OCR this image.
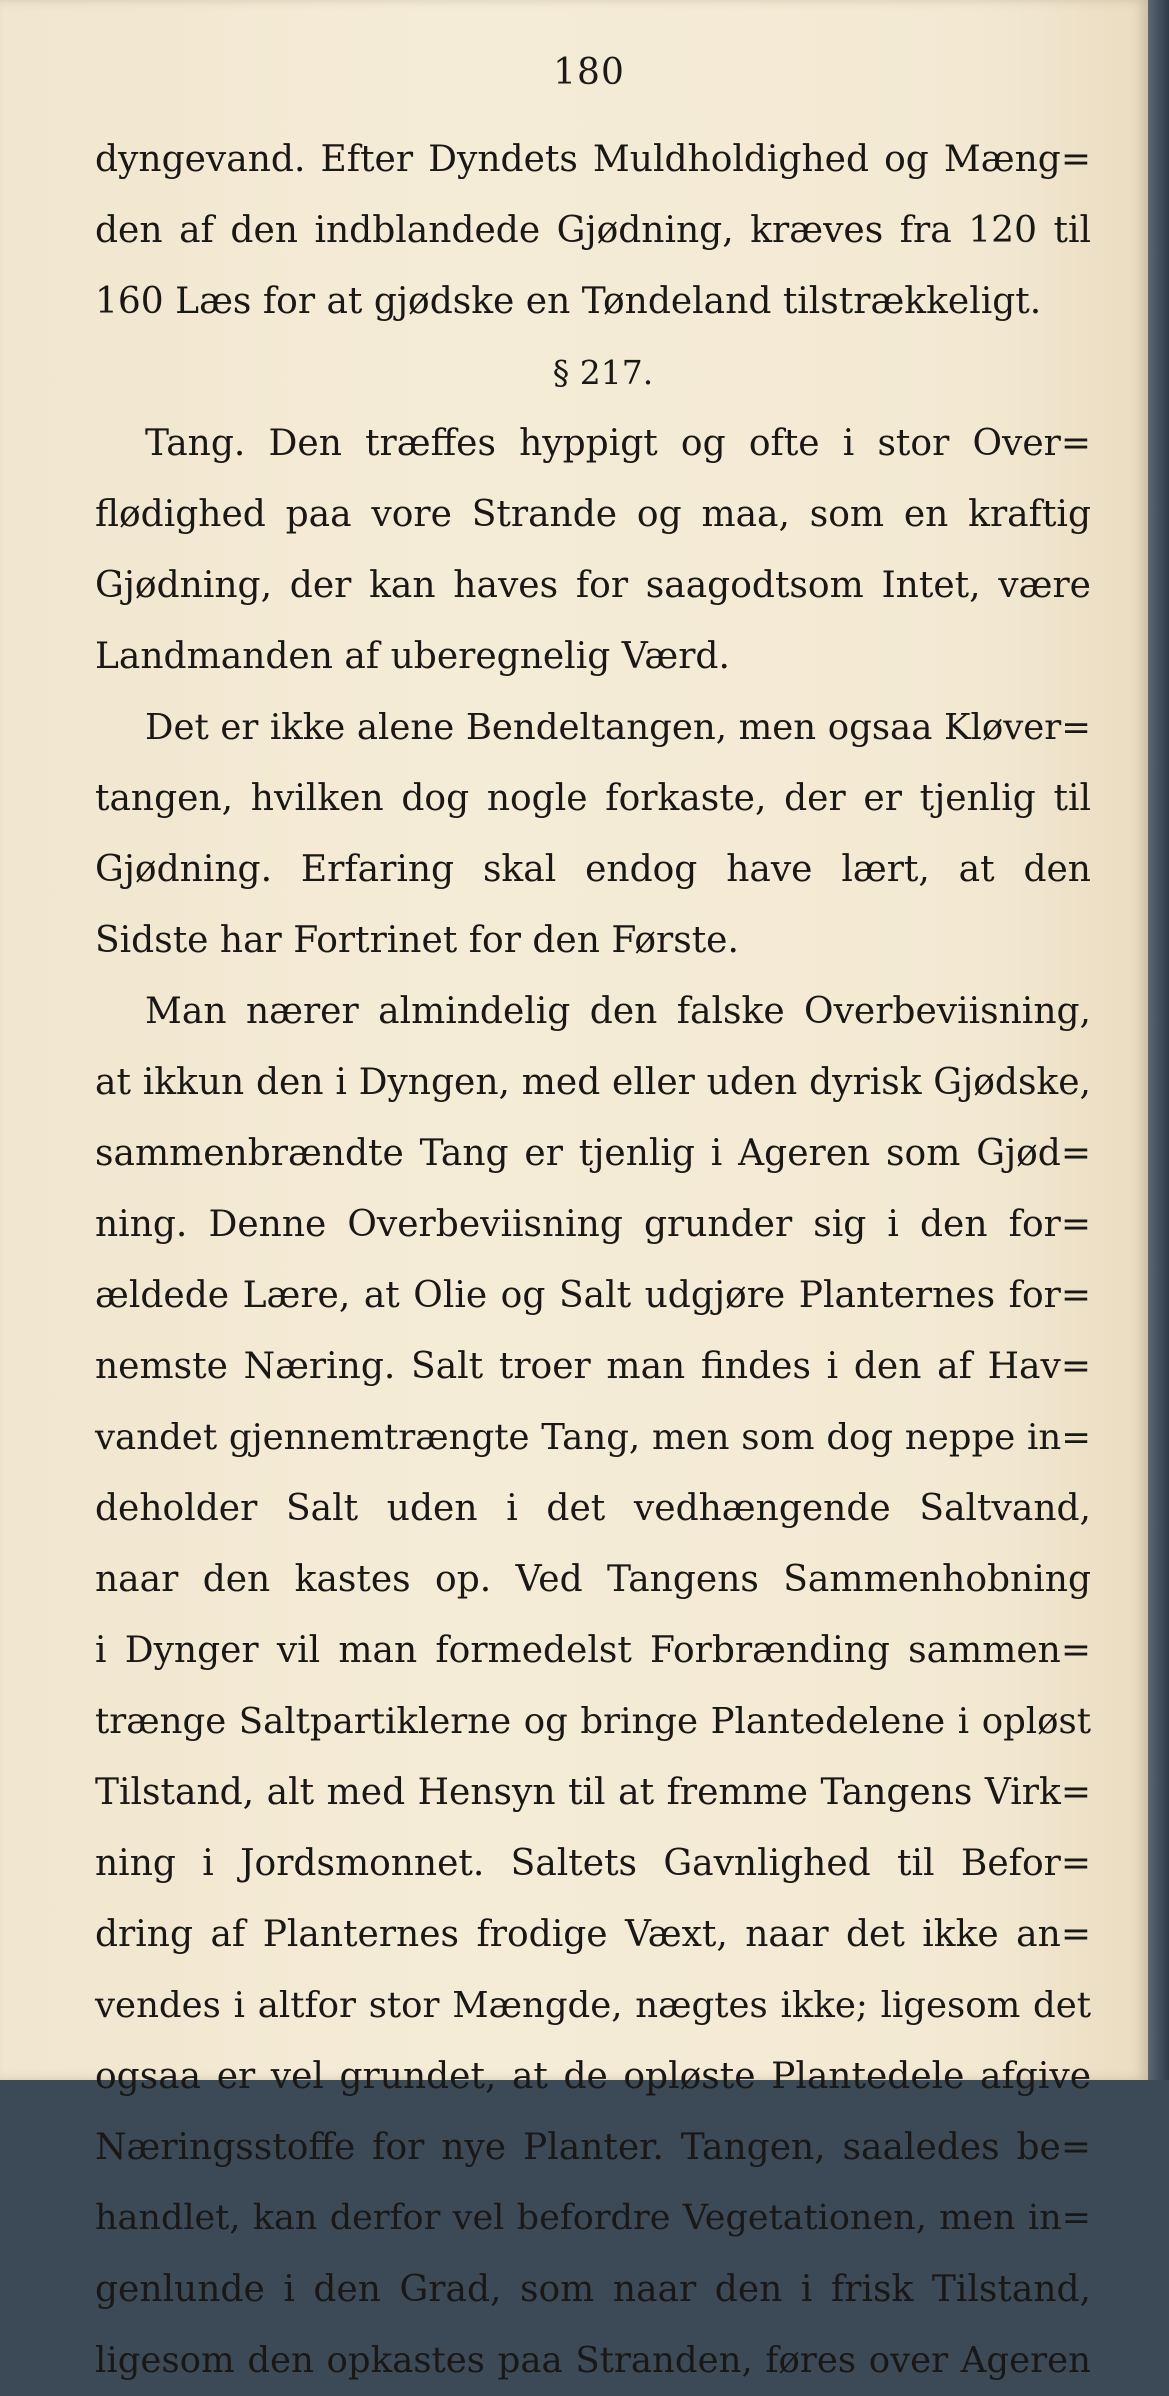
180
dyngevand. Efter Dyndets Muldholdighed og Mæng=
den af den indblandede Gjødning, kræves fra 120 til
160 Læs for at gjødske en Tøndeland tilstrækkeligt.
§ 217.
Tang. Den træffes hyppigt og ofte i stor Over=
flødighed paa vore Strande og maa, som en kraftig
Gjødning, der kan haves for saagodtsom Intet, være
Landmanden af uberegnelig Værd.
Det er ikke alene Bendeltangen, men ogsaa Kløver=
tangen, hvilken dog nogle forkaste, der er tjenlig til
Gjødning. Erfaring skal endog have lært, at den
Sidste har Fortrinet for den Første.
Man nærer almindelig den falske Overbeviisning,
at ikkun den i Dyngen, med eller uden dyrisk Gjødske,
sammenbrændte Tang er tjenlig i Ageren som Gjød=
ning. Denne Overbeviisning grunder sig i den for=
ældede Lære, at Olie og Salt udgjøre Planternes for=
nemste Næring. Salt troer man findes i den af Hav=
vandet gjennemtrængte Tang, men som dog neppe in=
deholder Salt uden i det vedhængende Saltvand,
naar den kastes op. Ved Tangens Sammenhobning
i Dynger vil man formedelst Forbrænding sammen=
trænge Saltpartiklerne og bringe Plantedelene i opløst
Tilstand, alt med Hensyn til at fremme Tangens Virk=
ning i Jordsmonnet. Saltets Gavnlighed til Befor=
dring af Planternes frodige Væxt, naar det ikke an=
vendes i altfor stor Mængde, nægtes ikke; ligesom det
ogsaa er vel grundet, at de opløste Plantedele afgive
Næringsstoffe for nye Planter. Tangen, saaledes be=
handlet, kan derfor vel befordre Vegetationen, men in=
genlunde i den Grad, som naar den i frisk Tilstand,
ligesom den opkastes paa Stranden, føres over Ageren
